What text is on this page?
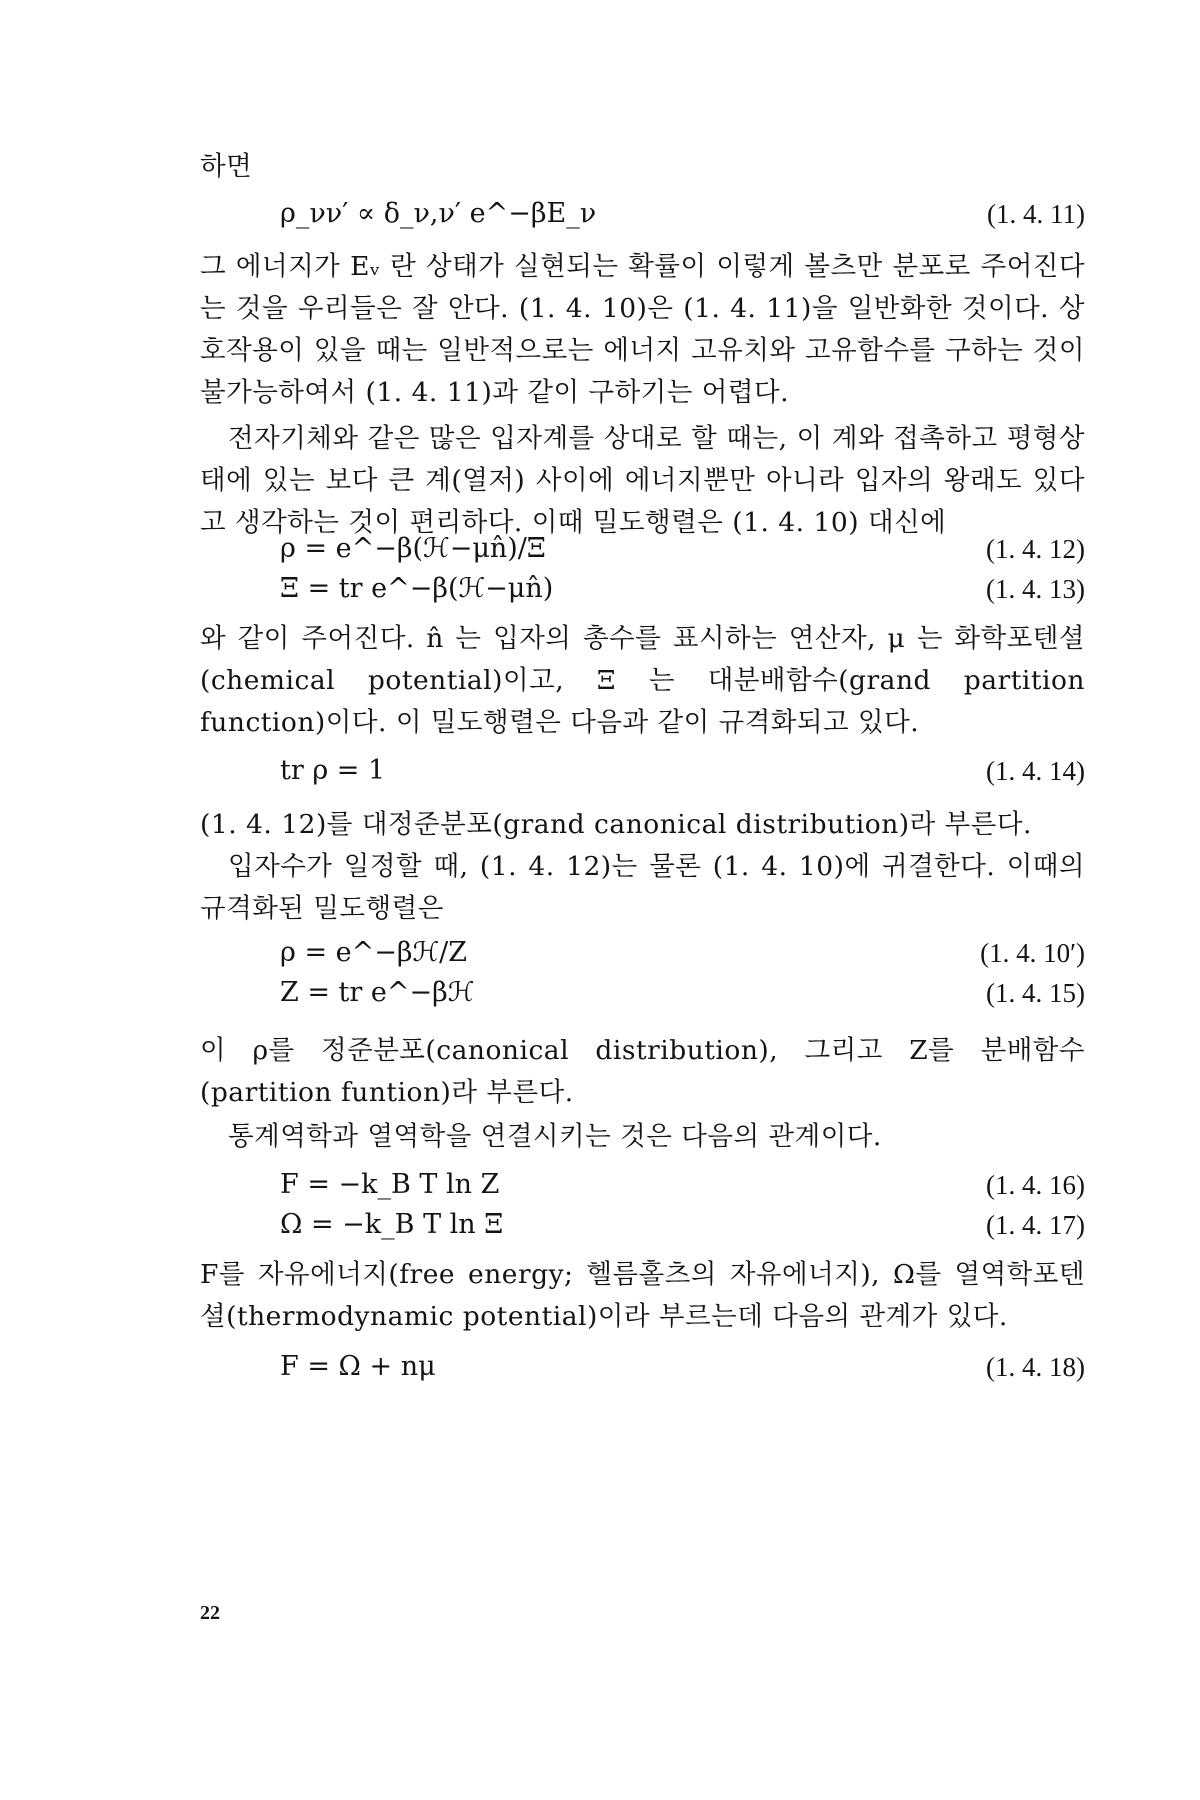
하면

ρ_νν′ ∝ δ_ν,ν′ e^−βE_ν	(1. 4. 11)

그 에너지가 Eᵥ 란 상태가 실현되는 확률이 이렇게 볼츠만 분포로 주어진다는 것을 우리들은 잘 안다. (1. 4. 10)은 (1. 4. 11)을 일반화한 것이다. 상호작용이 있을 때는 일반적으로는 에너지 고유치와 고유함수를 구하는 것이 불가능하여서 (1. 4. 11)과 같이 구하기는 어렵다.

전자기체와 같은 많은 입자계를 상대로 할 때는, 이 계와 접촉하고 평형상태에 있는 보다 큰 계(열저) 사이에 에너지뿐만 아니라 입자의 왕래도 있다고 생각하는 것이 편리하다. 이때 밀도행렬은 (1. 4. 10) 대신에

ρ = e^−β(ℋ−μn̂)/Ξ	(1. 4. 12)
Ξ = tr e^−β(ℋ−μn̂)	(1. 4. 13)

와 같이 주어진다. n̂ 는 입자의 총수를 표시하는 연산자, μ 는 화학포텐셜(chemical potential)이고, Ξ 는 대분배함수(grand partition function)이다. 이 밀도행렬은 다음과 같이 규격화되고 있다.

tr ρ = 1	(1. 4. 14)

(1. 4. 12)를 대정준분포(grand canonical distribution)라 부른다.

입자수가 일정할 때, (1. 4. 12)는 물론 (1. 4. 10)에 귀결한다. 이때의 규격화된 밀도행렬은

ρ = e^−βℋ/Z	(1. 4. 10′)
Z = tr e^−βℋ	(1. 4. 15)

이 ρ를 정준분포(canonical distribution), 그리고 Z를 분배함수(partition funtion)라 부른다.

통계역학과 열역학을 연결시키는 것은 다음의 관계이다.

F = −k_B T ln Z	(1. 4. 16)
Ω = −k_B T ln Ξ	(1. 4. 17)

F를 자유에너지(free energy; 헬름홀츠의 자유에너지), Ω를 열역학포텐셜(thermodynamic potential)이라 부르는데 다음의 관계가 있다.

F = Ω + nμ	(1. 4. 18)
22
